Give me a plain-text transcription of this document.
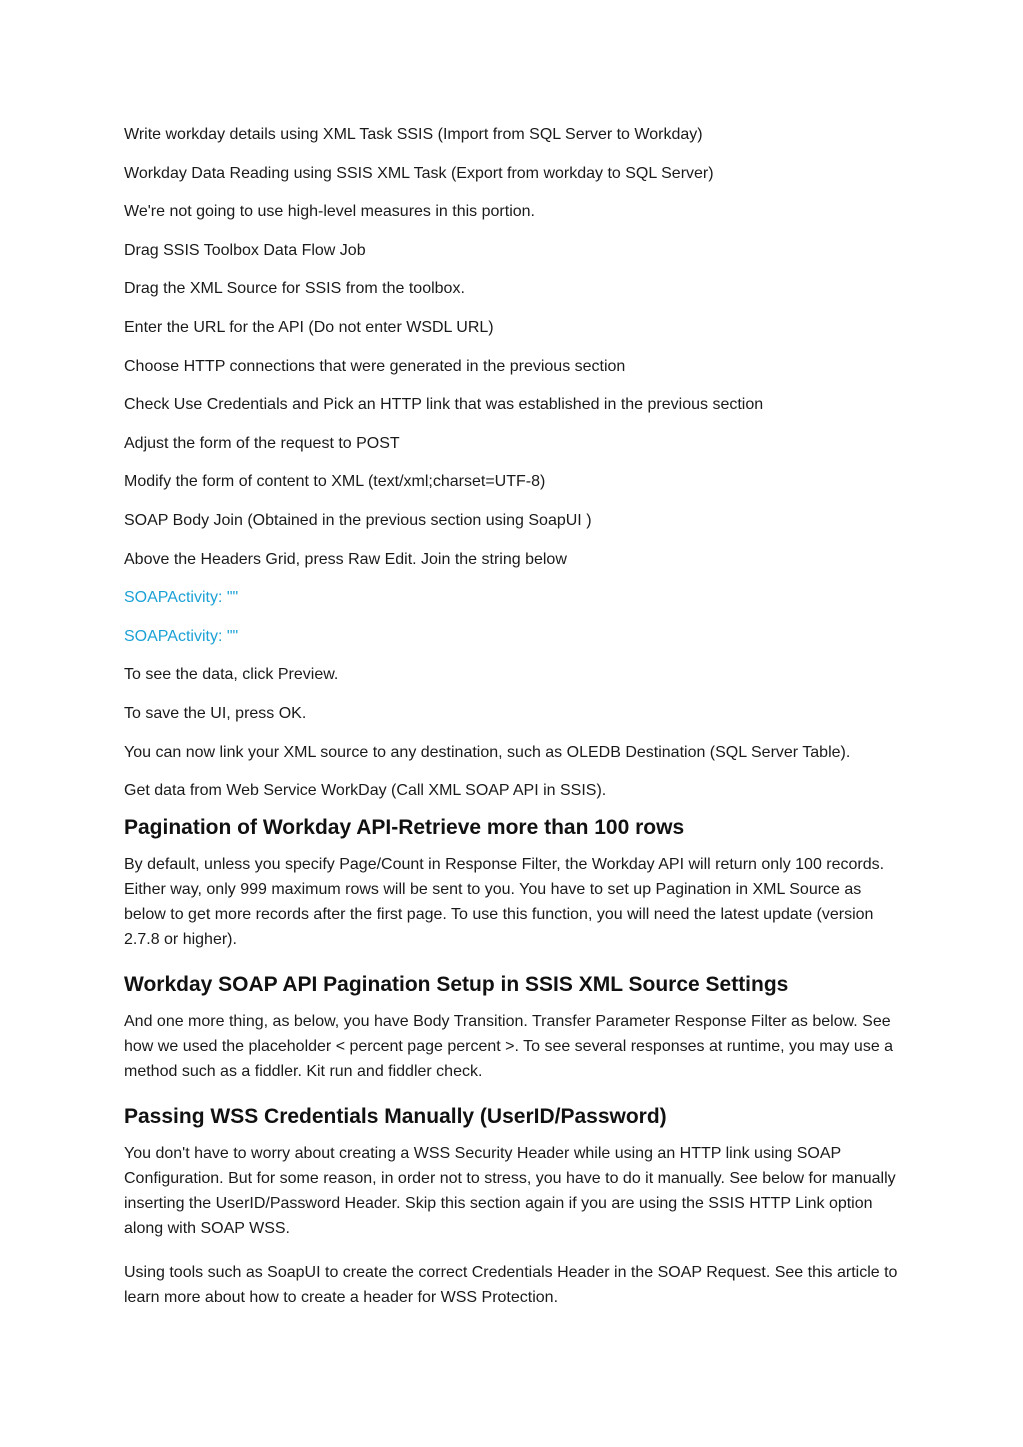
Write workday details using XML Task SSIS (Import from SQL Server to Workday)
Workday Data Reading using SSIS XML Task (Export from workday to SQL Server)
We're not going to use high-level measures in this portion.
Drag SSIS Toolbox Data Flow Job
Drag the XML Source for SSIS from the toolbox.
Enter the URL for the API (Do not enter WSDL URL)
Choose HTTP connections that were generated in the previous section
Check Use Credentials and Pick an HTTP link that was established in the previous section
Adjust the form of the request to POST
Modify the form of content to XML (text/xml;charset=UTF-8)
SOAP Body Join (Obtained in the previous section using SoapUI )
Above the Headers Grid, press Raw Edit. Join the string below
SOAPActivity: ""
SOAPActivity: ""
To see the data, click Preview.
To save the UI, press OK.
You can now link your XML source to any destination, such as OLEDB Destination (SQL Server Table).
Get data from Web Service WorkDay (Call XML SOAP API in SSIS).
Pagination of Workday API-Retrieve more than 100 rows

By default, unless you specify Page/Count in Response Filter, the Workday API will return only 100 records. Either way, only 999 maximum rows will be sent to you. You have to set up Pagination in XML Source as below to get more records after the first page. To use this function, you will need the latest update (version 2.7.8 or higher).

Workday SOAP API Pagination Setup in SSIS XML Source Settings

And one more thing, as below, you have Body Transition. Transfer Parameter Response Filter as below. See how we used the placeholder < percent page percent >. To see several responses at runtime, you may use a method such as a fiddler. Kit run and fiddler check.

Passing WSS Credentials Manually (UserID/Password)

You don't have to worry about creating a WSS Security Header while using an HTTP link using SOAP Configuration. But for some reason, in order not to stress, you have to do it manually. See below for manually inserting the UserID/Password Header. Skip this section again if you are using the SSIS HTTP Link option along with SOAP WSS.

Using tools such as SoapUI to create the correct Credentials Header in the SOAP Request. See this article to learn more about how to create a header for WSS Protection.
